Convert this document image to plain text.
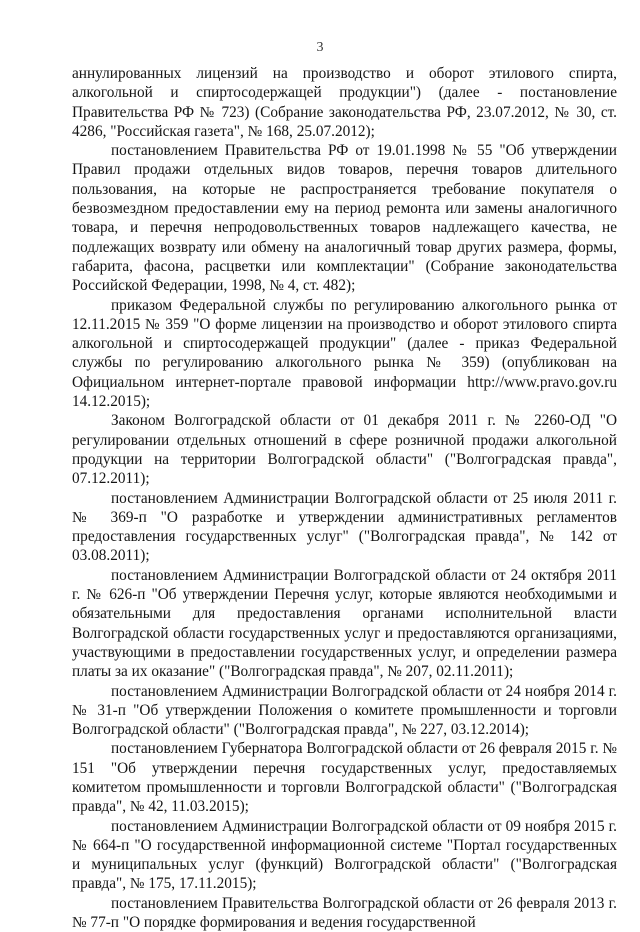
3

аннулированных лицензий на производство и оборот этилового спирта, алкогольной и спиртосодержащей продукции") (далее - постановление Правительства РФ № 723) (Собрание законодательства РФ, 23.07.2012, № 30, ст. 4286, "Российская газета", № 168, 25.07.2012);

постановлением Правительства РФ от 19.01.1998 № 55 "Об утверждении Правил продажи отдельных видов товаров, перечня товаров длительного пользования, на которые не распространяется требование покупателя о безвозмездном предоставлении ему на период ремонта или замены аналогичного товара, и перечня непродовольственных товаров надлежащего качества, не подлежащих возврату или обмену на аналогичный товар других размера, формы, габарита, фасона, расцветки или комплектации" (Собрание законодательства Российской Федерации, 1998, № 4, ст. 482);

приказом Федеральной службы по регулированию алкогольного рынка от 12.11.2015 № 359 "О форме лицензии на производство и оборот этилового спирта алкогольной и спиртосодержащей продукции" (далее - приказ Федеральной службы по регулированию алкогольного рынка № 359) (опубликован на Официальном интернет-портале правовой информации http://www.pravo.gov.ru 14.12.2015);

Законом Волгоградской области от 01 декабря 2011 г. № 2260-ОД "О регулировании отдельных отношений в сфере розничной продажи алкогольной продукции на территории Волгоградской области" ("Волгоградская правда", 07.12.2011);

постановлением Администрации Волгоградской области от 25 июля 2011 г. № 369-п "О разработке и утверждении административных регламентов предоставления государственных услуг" ("Волгоградская правда", № 142 от 03.08.2011);

постановлением Администрации Волгоградской области от 24 октября 2011 г. № 626-п "Об утверждении Перечня услуг, которые являются необходимыми и обязательными для предоставления органами исполнительной власти Волгоградской области государственных услуг и предоставляются организациями, участвующими в предоставлении государственных услуг, и определении размера платы за их оказание" ("Волгоградская правда", № 207, 02.11.2011);

постановлением Администрации Волгоградской области от 24 ноября 2014 г. № 31-п "Об утверждении Положения о комитете промышленности и торговли Волгоградской области" ("Волгоградская правда", № 227, 03.12.2014);

постановлением Губернатора Волгоградской области от 26 февраля 2015 г. № 151 "Об утверждении перечня государственных услуг, предоставляемых комитетом промышленности и торговли Волгоградской области" ("Волгоградская правда", № 42, 11.03.2015);

постановлением Администрации Волгоградской области от 09 ноября 2015 г. № 664-п "О государственной информационной системе "Портал государственных и муниципальных услуг (функций) Волгоградской области" ("Волгоградская правда", № 175, 17.11.2015);

постановлением Правительства Волгоградской области от 26 февраля 2013 г. № 77-п "О порядке формирования и ведения государственной
